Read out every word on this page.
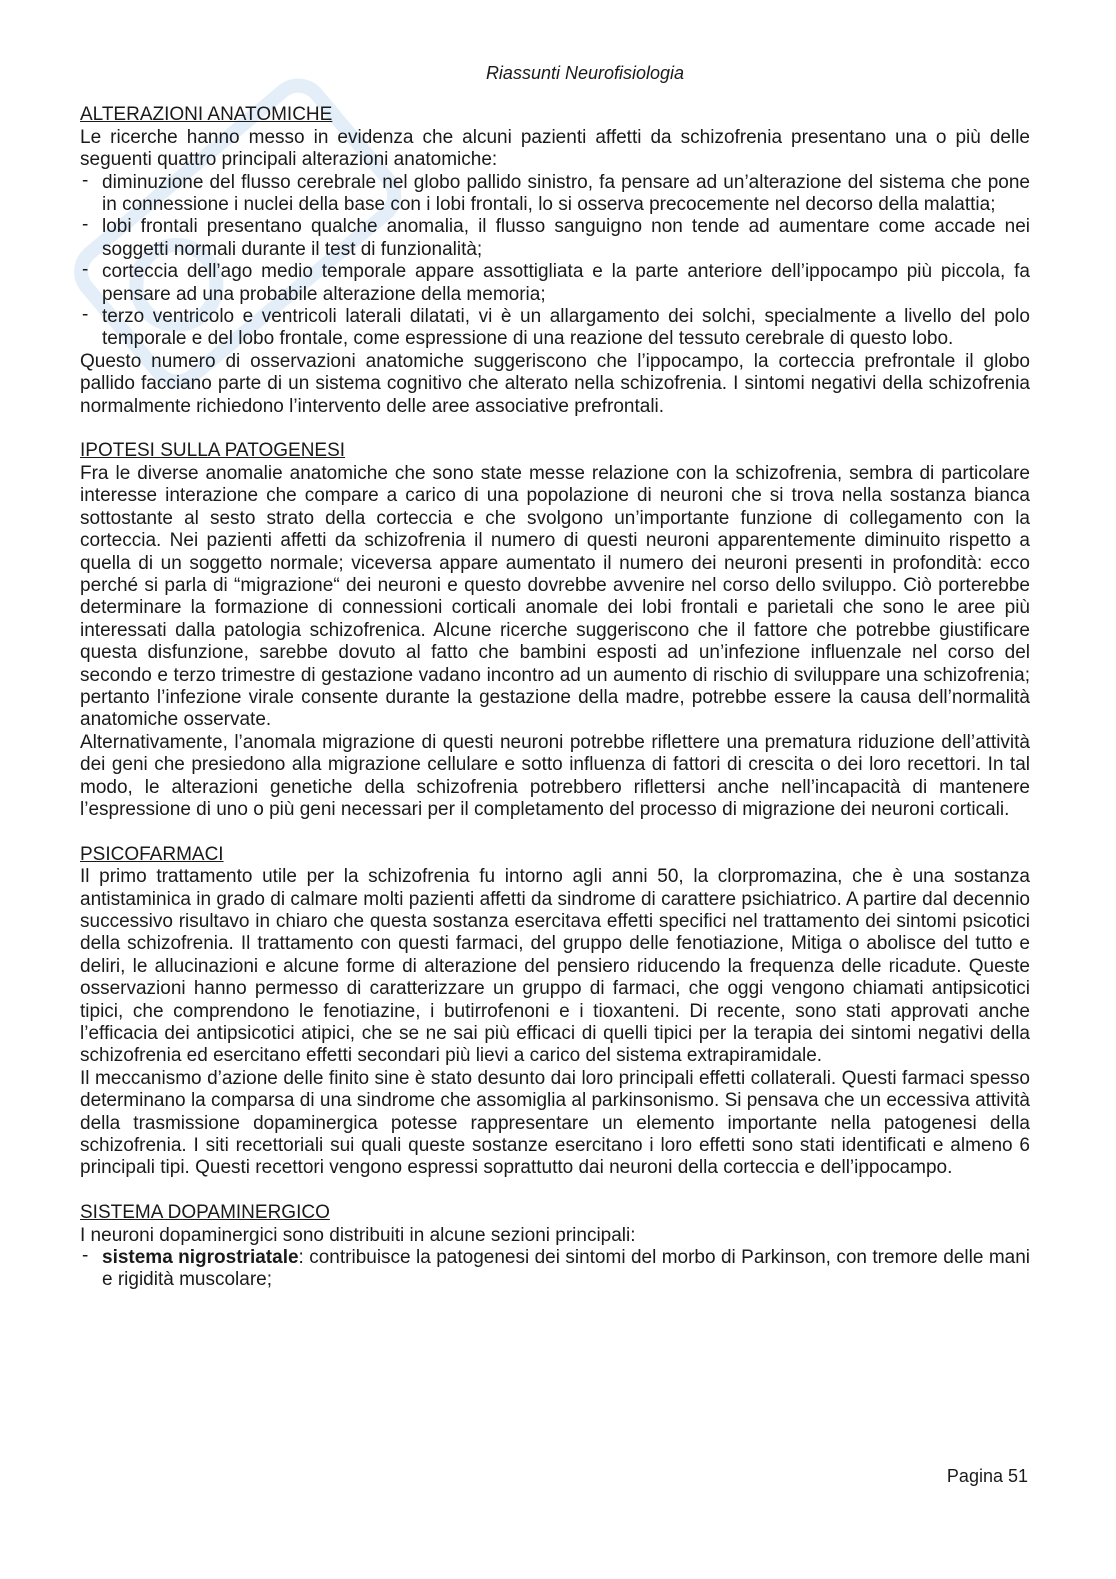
Riassunti Neurofisiologia
ALTERAZIONI ANATOMICHE

Le ricerche hanno messo in evidenza che alcuni pazienti affetti da schizofrenia presentano una o più delle seguenti quattro principali alterazioni anatomiche:

- diminuzione del flusso cerebrale nel globo pallido sinistro, fa pensare ad un’alterazione del sistema che pone in connessione i nuclei della base con i lobi frontali, lo si osserva precocemente nel decorso della malattia;
- lobi frontali presentano qualche anomalia, il flusso sanguigno non tende ad aumentare come accade nei soggetti normali durante il test di funzionalità;
- corteccia dell’ago medio temporale appare assottigliata e la parte anteriore dell’ippocampo più piccola, fa pensare ad una probabile alterazione della memoria;
- terzo ventricolo e ventricoli laterali dilatati, vi è un allargamento dei solchi, specialmente a livello del polo temporale e del lobo frontale, come espressione di una reazione del tessuto cerebrale di questo lobo.

Questo numero di osservazioni anatomiche suggeriscono che l’ippocampo, la corteccia prefrontale il globo pallido facciano parte di un sistema cognitivo che alterato nella schizofrenia. I sintomi negativi della schizofrenia normalmente richiedono l’intervento delle aree associative prefrontali.

IPOTESI SULLA PATOGENESI

Fra le diverse anomalie anatomiche che sono state messe relazione con la schizofrenia, sembra di particolare interesse interazione che compare a carico di una popolazione di neuroni che si trova nella sostanza bianca sottostante al sesto strato della corteccia e che svolgono un’importante funzione di collegamento con la corteccia. Nei pazienti affetti da schizofrenia il numero di questi neuroni apparentemente diminuito rispetto a quella di un soggetto normale; viceversa appare aumentato il numero dei neuroni presenti in profondità: ecco perché si parla di “migrazione“ dei neuroni e questo dovrebbe avvenire nel corso dello sviluppo. Ciò porterebbe determinare la formazione di connessioni corticali anomale dei lobi frontali e parietali che sono le aree più interessati dalla patologia schizofrenica. Alcune ricerche suggeriscono che il fattore che potrebbe giustificare questa disfunzione, sarebbe dovuto al fatto che bambini esposti ad un’infezione influenzale nel corso del secondo e terzo trimestre di gestazione vadano incontro ad un aumento di rischio di sviluppare una schizofrenia; pertanto l’infezione virale consente durante la gestazione della madre, potrebbe essere la causa dell’normalità anatomiche osservate.

Alternativamente, l’anomala migrazione di questi neuroni potrebbe riflettere una prematura riduzione dell’attività dei geni che presiedono alla migrazione cellulare e sotto influenza di fattori di crescita o dei loro recettori. In tal modo, le alterazioni genetiche della schizofrenia potrebbero riflettersi anche nell’incapacità di mantenere l’espressione di uno o più geni necessari per il completamento del processo di migrazione dei neuroni corticali.

PSICOFARMACI

Il primo trattamento utile per la schizofrenia fu intorno agli anni 50, la clorpromazina, che è una sostanza antistaminica in grado di calmare molti pazienti affetti da sindrome di carattere psichiatrico. A partire dal decennio successivo risultavo in chiaro che questa sostanza esercitava effetti specifici nel trattamento dei sintomi psicotici della schizofrenia. Il trattamento con questi farmaci, del gruppo delle fenotiazione, Mitiga o abolisce del tutto e deliri, le allucinazioni e alcune forme di alterazione del pensiero riducendo la frequenza delle ricadute. Queste osservazioni hanno permesso di caratterizzare un gruppo di farmaci, che oggi vengono chiamati antipsicotici tipici, che comprendono le fenotiazine, i butirrofenoni e i tioxanteni. Di recente, sono stati approvati anche l’efficacia dei antipsicotici atipici, che se ne sai più efficaci di quelli tipici per la terapia dei sintomi negativi della schizofrenia ed esercitano effetti secondari più lievi a carico del sistema extrapiramidale.

Il meccanismo d’azione delle finito sine è stato desunto dai loro principali effetti collaterali. Questi farmaci spesso determinano la comparsa di una sindrome che assomiglia al parkinsonismo. Si pensava che un eccessiva attività della trasmissione dopaminergica potesse rappresentare un elemento importante nella patogenesi della schizofrenia. I siti recettoriali sui quali queste sostanze esercitano i loro effetti sono stati identificati e almeno 6 principali tipi. Questi recettori vengono espressi soprattutto dai neuroni della corteccia e dell’ippocampo.

SISTEMA DOPAMINERGICO

I neuroni dopaminergici sono distribuiti in alcune sezioni principali:

- sistema nigrostriatale: contribuisce la patogenesi dei sintomi del morbo di Parkinson, con tremore delle mani e rigidità muscolare;
Pagina 51
